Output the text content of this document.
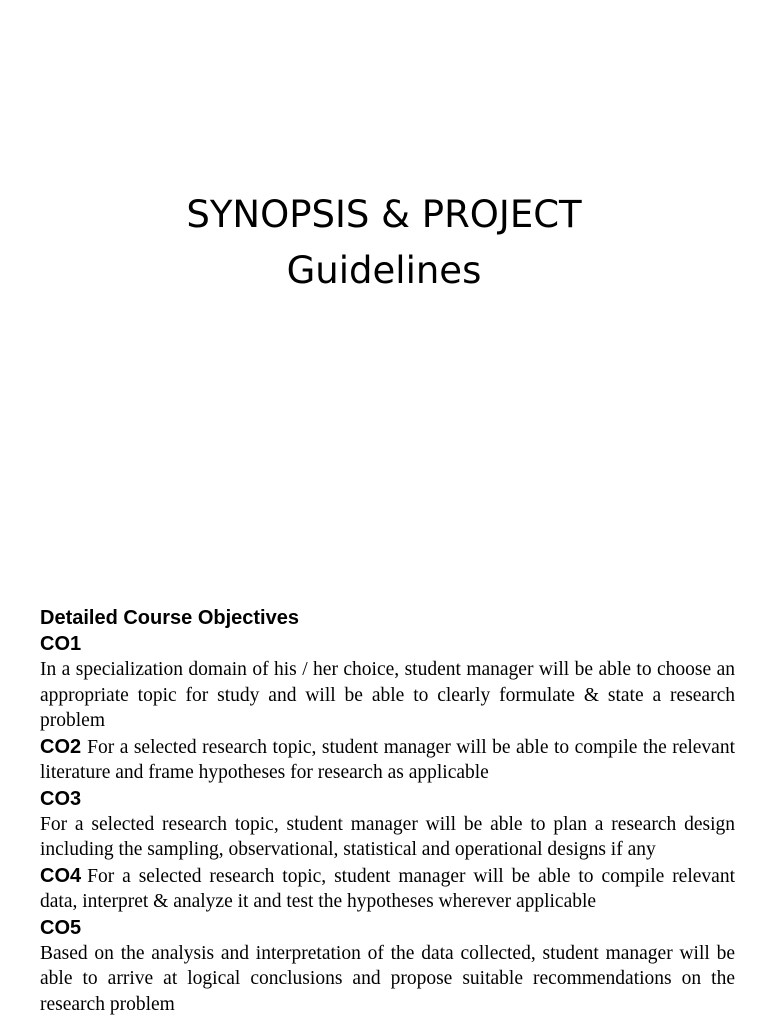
SYNOPSIS & PROJECT
Guidelines
Detailed Course Objectives
CO1

In a specialization domain of his / her choice, student manager will be able to choose an appropriate topic for study and will be able to clearly formulate & state a research problem

CO2 For a selected research topic, student manager will be able to compile the relevant literature and frame hypotheses for research as applicable

CO3

For a selected research topic, student manager will be able to plan a research design including the sampling, observational, statistical and operational designs if any

CO4 For a selected research topic, student manager will be able to compile relevant data, interpret & analyze it and test the hypotheses wherever applicable

CO5

Based on the analysis and interpretation of the data collected, student manager will be able to arrive at logical conclusions and propose suitable recommendations on the research problem
